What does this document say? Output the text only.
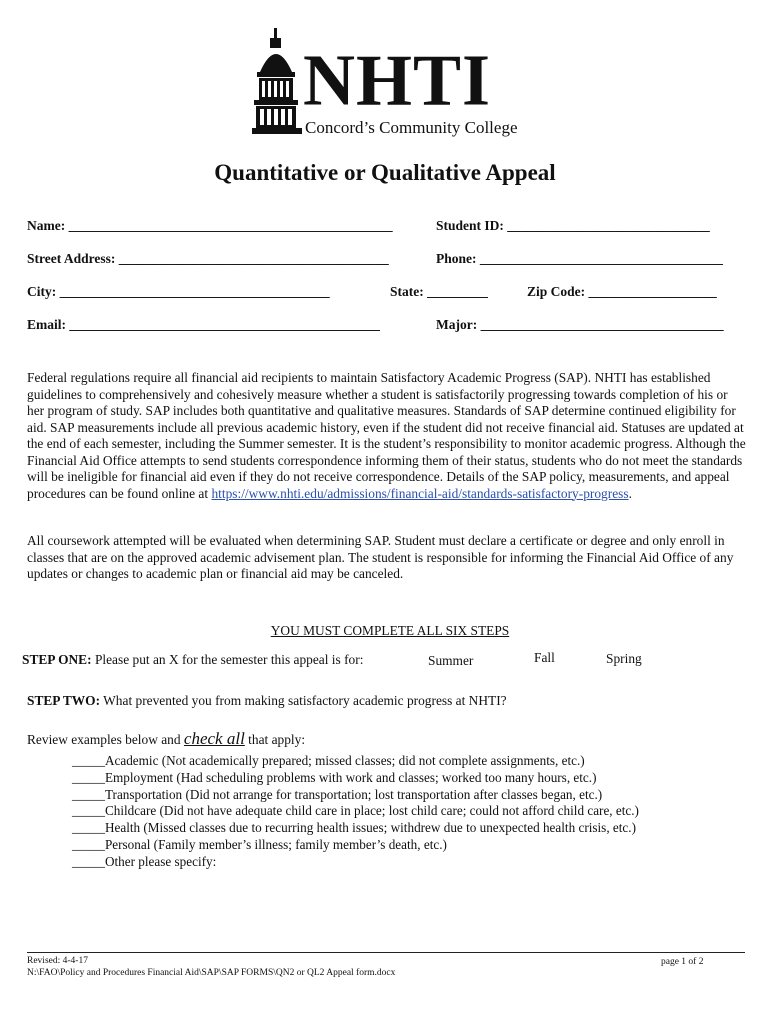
NHTI
Concord’s Community College
Quantitative or Qualitative Appeal
Name: ________________________________________________	Student ID: ______________________________
Street Address: ________________________________________	Phone: ____________________________________
City: ________________________________________	State: _________	Zip Code: ___________________
Email: ______________________________________________	Major: ____________________________________
Federal regulations require all financial aid recipients to maintain Satisfactory Academic Progress (SAP). NHTI has established guidelines to comprehensively and cohesively measure whether a student is satisfactorily progressing towards completion of his or her program of study. SAP includes both quantitative and qualitative measures. Standards of SAP determine continued eligibility for aid. SAP measurements include all previous academic history, even if the student did not receive financial aid. Statuses are updated at the end of each semester, including the Summer semester. It is the student’s responsibility to monitor academic progress. Although the Financial Aid Office attempts to send students correspondence informing them of their status, students who do not meet the standards will be ineligible for financial aid even if they do not receive correspondence. Details of the SAP policy, measurements, and appeal procedures can be found online at https://www.nhti.edu/admissions/financial-aid/standards-satisfactory-progress.
All coursework attempted will be evaluated when determining SAP. Student must declare a certificate or degree and only enroll in classes that are on the approved academic advisement plan. The student is responsible for informing the Financial Aid Office of any updates or changes to academic plan or financial aid may be canceled.
YOU MUST COMPLETE ALL SIX STEPS
STEP ONE: Please put an X for the semester this appeal is for:	Summer	Fall	Spring
STEP TWO: What prevented you from making satisfactory academic progress at NHTI?
Review examples below and check all that apply:
_____Academic (Not academically prepared; missed classes; did not complete assignments, etc.)
_____Employment (Had scheduling problems with work and classes; worked too many hours, etc.)
_____Transportation (Did not arrange for transportation; lost transportation after classes began, etc.)
_____Childcare (Did not have adequate child care in place; lost child care; could not afford child care, etc.)
_____Health (Missed classes due to recurring health issues; withdrew due to unexpected health crisis, etc.)
_____Personal (Family member’s illness; family member’s death, etc.)
_____Other please specify:
Revised: 4-4-17
N:\FAO\Policy and Procedures Financial Aid\SAP\SAP FORMS\QN2 or QL2 Appeal form.docx
page 1 of 2
